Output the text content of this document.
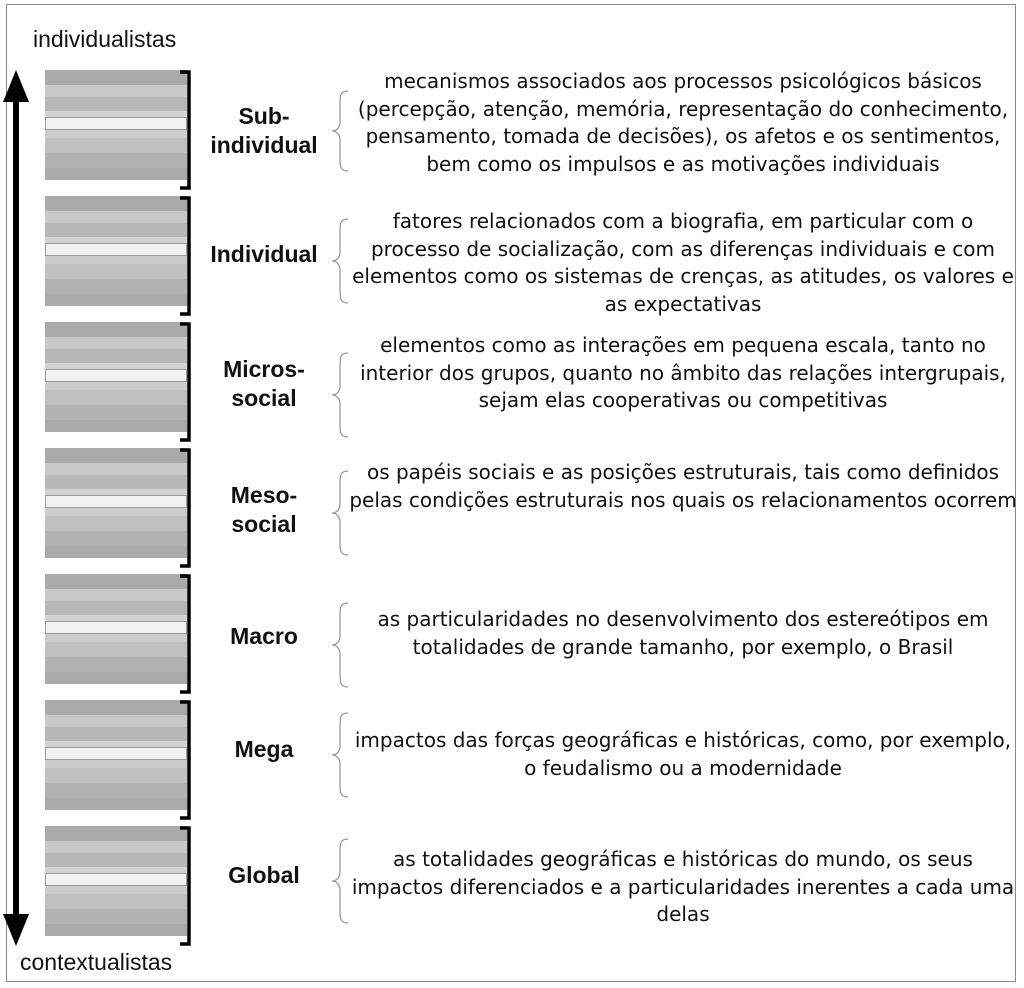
individualistas
contextualistas
Sub-
individual
mecanismos associados aos processos psicológicos básicos (percepção, atenção, memória, representação do conhecimento, pensamento, tomada de decisões), os afetos e os sentimentos, bem como os impulsos e as motivações individuais
Individual
fatores relacionados com a biografia, em particular com o processo de socialização, com as diferenças individuais e com elementos como os sistemas de crenças, as atitudes, os valores e as expectativas
Micros-
social
elementos como as interações em pequena escala, tanto no interior dos grupos, quanto no âmbito das relações intergrupais, sejam elas cooperativas ou competitivas
Meso-
social
os papéis sociais e as posições estruturais, tais como definidos pelas condições estruturais nos quais os relacionamentos ocorrem
Macro
as particularidades no desenvolvimento dos estereótipos em totalidades de grande tamanho, por exemplo, o Brasil
Mega	impactos das forças geográficas e históricas, como, por exemplo, o feudalismo ou a modernidade
Global
as totalidades geográficas e históricas do mundo, os seus impactos diferenciados e a particularidades inerentes a cada uma delas
